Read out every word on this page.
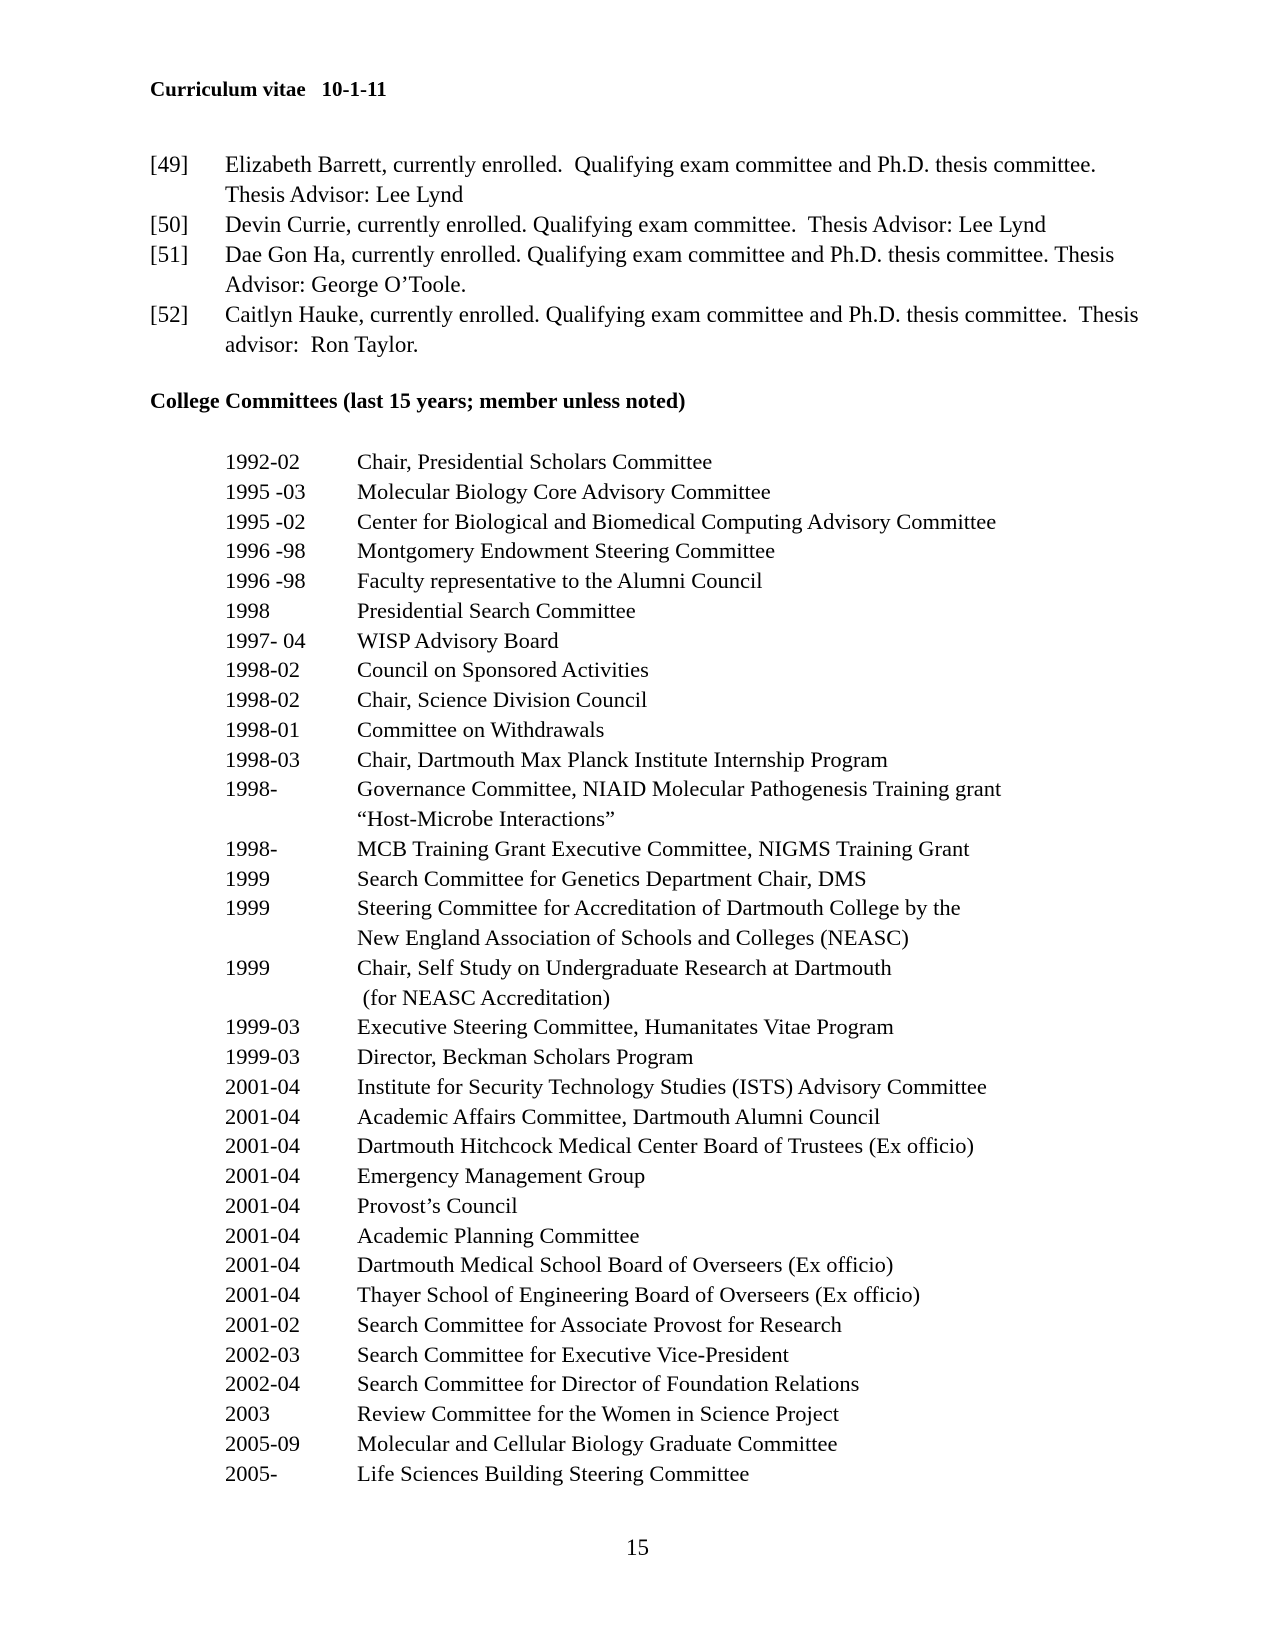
Curriculum vitae   10-1-11
[49]	Elizabeth Barrett, currently enrolled.  Qualifying exam committee and Ph.D. thesis committee.  Thesis Advisor: Lee Lynd
[50]	Devin Currie, currently enrolled. Qualifying exam committee.  Thesis Advisor: Lee Lynd
[51]	Dae Gon Ha, currently enrolled. Qualifying exam committee and Ph.D. thesis committee. Thesis Advisor: George O’Toole.
[52]	Caitlyn Hauke, currently enrolled. Qualifying exam committee and Ph.D. thesis committee.  Thesis advisor:  Ron Taylor.
College Committees (last 15 years; member unless noted)
1992-02	Chair, Presidential Scholars Committee
1995 -03	Molecular Biology Core Advisory Committee
1995 -02	Center for Biological and Biomedical Computing Advisory Committee
1996 -98	Montgomery Endowment Steering Committee
1996 -98	Faculty representative to the Alumni Council
1998	Presidential Search Committee
1997- 04	WISP Advisory Board
1998-02	Council on Sponsored Activities
1998-02	Chair, Science Division Council
1998-01	Committee on Withdrawals
1998-03	Chair, Dartmouth Max Planck Institute Internship Program
1998-	Governance Committee, NIAID Molecular Pathogenesis Training grant
“Host-Microbe Interactions”
1998-	MCB Training Grant Executive Committee, NIGMS Training Grant
1999	Search Committee for Genetics Department Chair, DMS
1999	Steering Committee for Accreditation of Dartmouth College by the
New England Association of Schools and Colleges (NEASC)
1999	Chair, Self Study on Undergraduate Research at Dartmouth
(for NEASC Accreditation)
1999-03	Executive Steering Committee, Humanitates Vitae Program
1999-03	Director, Beckman Scholars Program
2001-04	Institute for Security Technology Studies (ISTS) Advisory Committee
2001-04	Academic Affairs Committee, Dartmouth Alumni Council
2001-04	Dartmouth Hitchcock Medical Center Board of Trustees (Ex officio)
2001-04	Emergency Management Group
2001-04	Provost’s Council
2001-04	Academic Planning Committee
2001-04	Dartmouth Medical School Board of Overseers (Ex officio)
2001-04	Thayer School of Engineering Board of Overseers (Ex officio)
2001-02	Search Committee for Associate Provost for Research
2002-03	Search Committee for Executive Vice-President
2002-04	Search Committee for Director of Foundation Relations
2003	Review Committee for the Women in Science Project
2005-09	Molecular and Cellular Biology Graduate Committee
2005-	Life Sciences Building Steering Committee
15
